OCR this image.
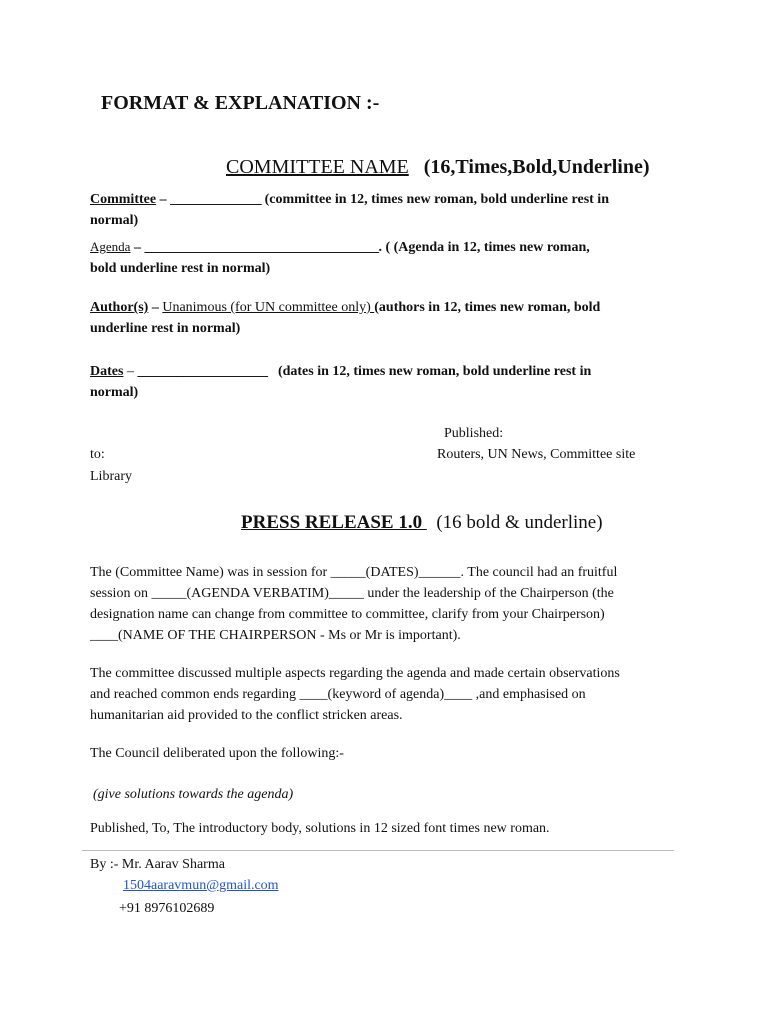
FORMAT & EXPLANATION :-
COMMITTEE NAME (16,Times,Bold,Underline)
Committee – ______________ (committee in 12, times new roman, bold underline rest in
normal)
Agenda – ____________________________________. ( (Agenda in 12, times new roman,
bold underline rest in normal)
Author(s) – Unanimous (for UN committee only) (authors in 12, times new roman, bold
underline rest in normal)
Dates – ____________________ (dates in 12, times new roman, bold underline rest in
normal)
Published:
to:	Routers, UN News, Committee site
Library
PRESS RELEASE 1.0   (16 bold & underline)
The (Committee Name) was in session for _____(DATES)______. The council had an fruitful
session on _____(AGENDA VERBATIM)_____ under the leadership of the Chairperson (the
designation name can change from committee to committee, clarify from your Chairperson)
____(NAME OF THE CHAIRPERSON - Ms or Mr is important).
The committee discussed multiple aspects regarding the agenda and made certain observations
and reached common ends regarding ____(keyword of agenda)____ ,and emphasised on
humanitarian aid provided to the conflict stricken areas.
The Council deliberated upon the following:-
(give solutions towards the agenda)
Published, To, The introductory body, solutions in 12 sized font times new roman.
By :- Mr. Aarav Sharma
1504aaravmun@gmail.com
+91 8976102689
